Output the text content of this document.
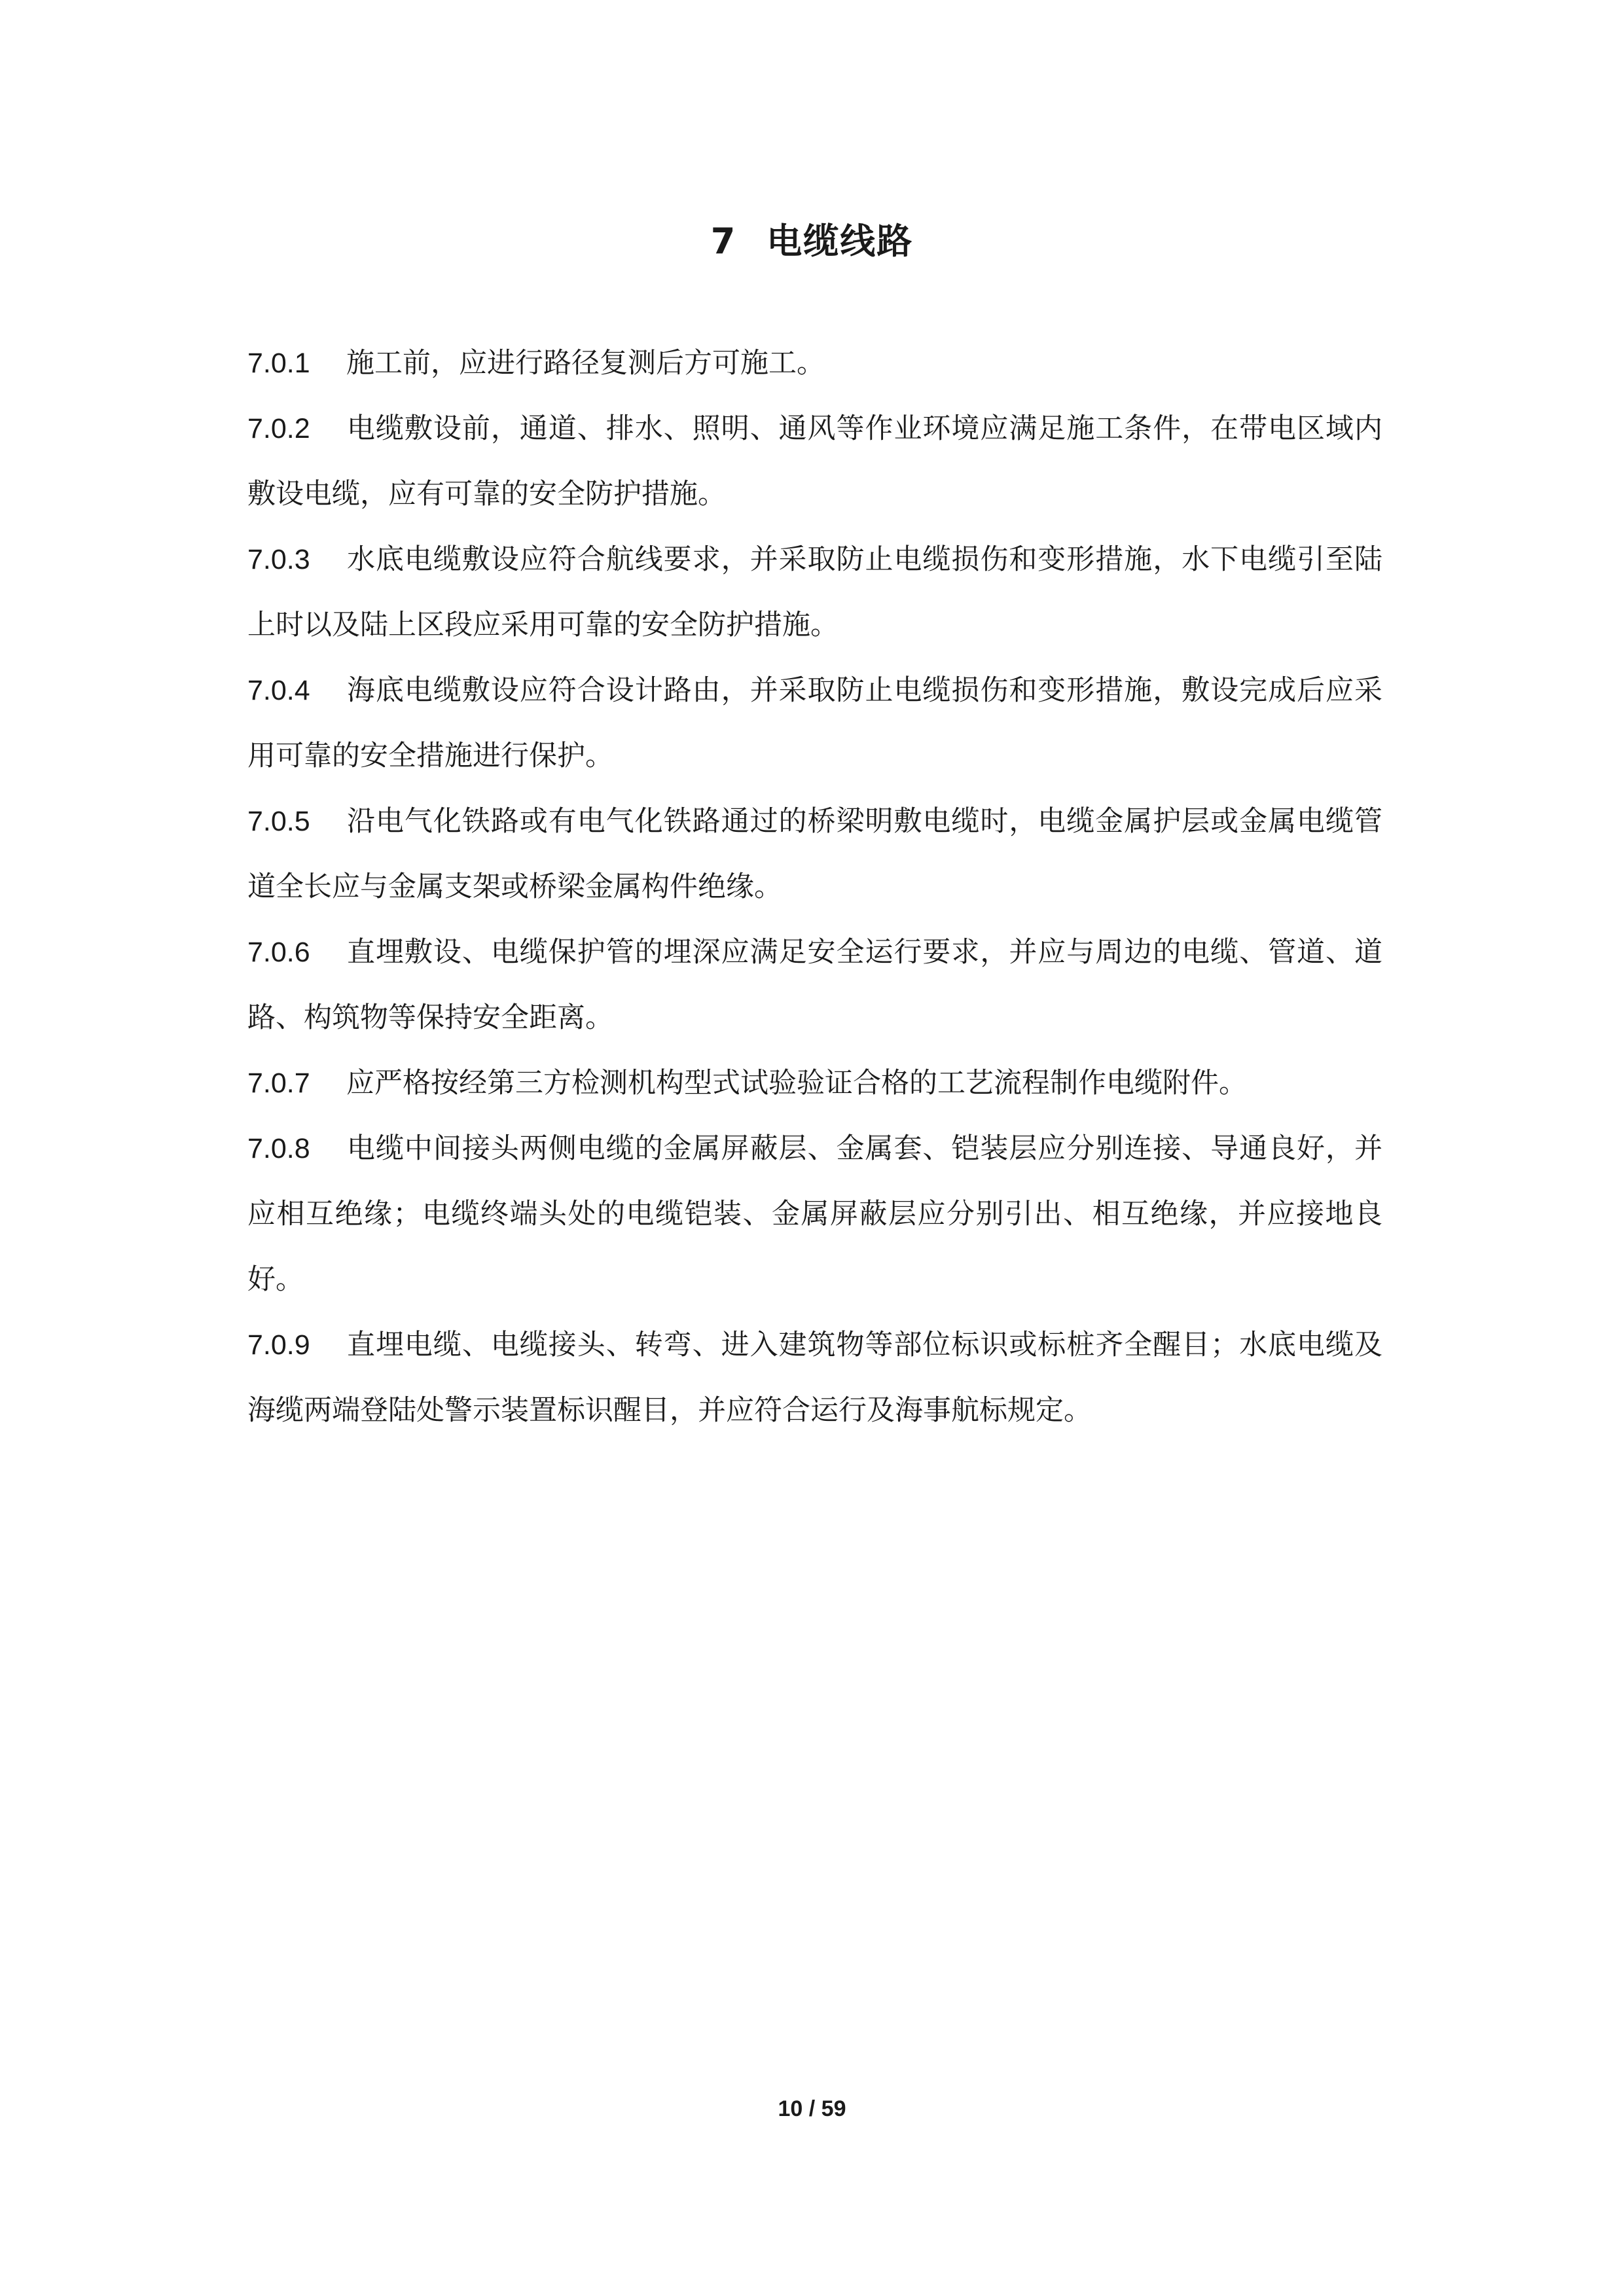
7 电缆线路

7.0.1 施工前，应进行路径复测后方可施工。

7.0.2 电缆敷设前，通道、排水、照明、通风等作业环境应满足施工条件，在带电区域内敷设电缆，应有可靠的安全防护措施。

7.0.3 水底电缆敷设应符合航线要求，并采取防止电缆损伤和变形措施，水下电缆引至陆上时以及陆上区段应采用可靠的安全防护措施。

7.0.4 海底电缆敷设应符合设计路由，并采取防止电缆损伤和变形措施，敷设完成后应采用可靠的安全措施进行保护。

7.0.5 沿电气化铁路或有电气化铁路通过的桥梁明敷电缆时，电缆金属护层或金属电缆管道全长应与金属支架或桥梁金属构件绝缘。

7.0.6 直埋敷设、电缆保护管的埋深应满足安全运行要求，并应与周边的电缆、管道、道路、构筑物等保持安全距离。

7.0.7 应严格按经第三方检测机构型式试验验证合格的工艺流程制作电缆附件。

7.0.8 电缆中间接头两侧电缆的金属屏蔽层、金属套、铠装层应分别连接、导通良好，并应相互绝缘；电缆终端头处的电缆铠装、金属屏蔽层应分别引出、相互绝缘，并应接地良好。

7.0.9 直埋电缆、电缆接头、转弯、进入建筑物等部位标识或标桩齐全醒目；水底电缆及海缆两端登陆处警示装置标识醒目，并应符合运行及海事航标规定。

10 / 59
